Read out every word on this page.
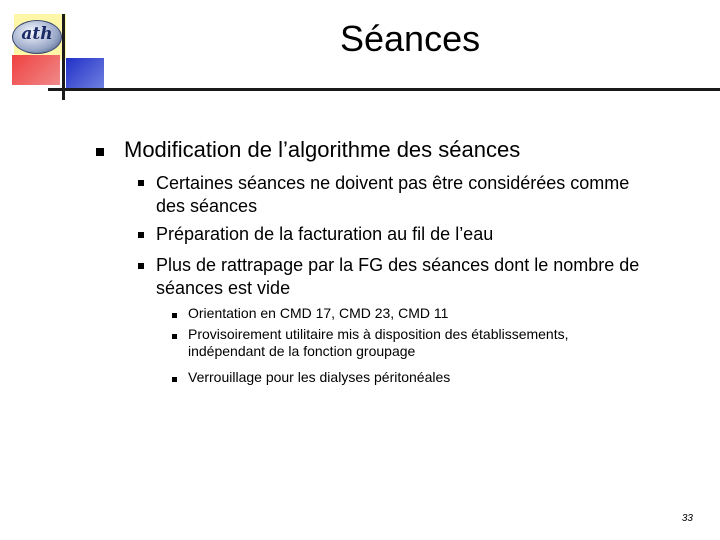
ath	Séances
Modification de l’algorithme des séances
Certaines séances ne doivent pas être considérées comme
des séances
Préparation de la facturation au fil de l’eau
Plus de rattrapage par la FG des séances dont le nombre de
séances est vide
Orientation en CMD 17, CMD 23, CMD 11
Provisoirement utilitaire mis à disposition des établissements,
indépendant de la fonction groupage
Verrouillage pour les dialyses péritonéales
33
